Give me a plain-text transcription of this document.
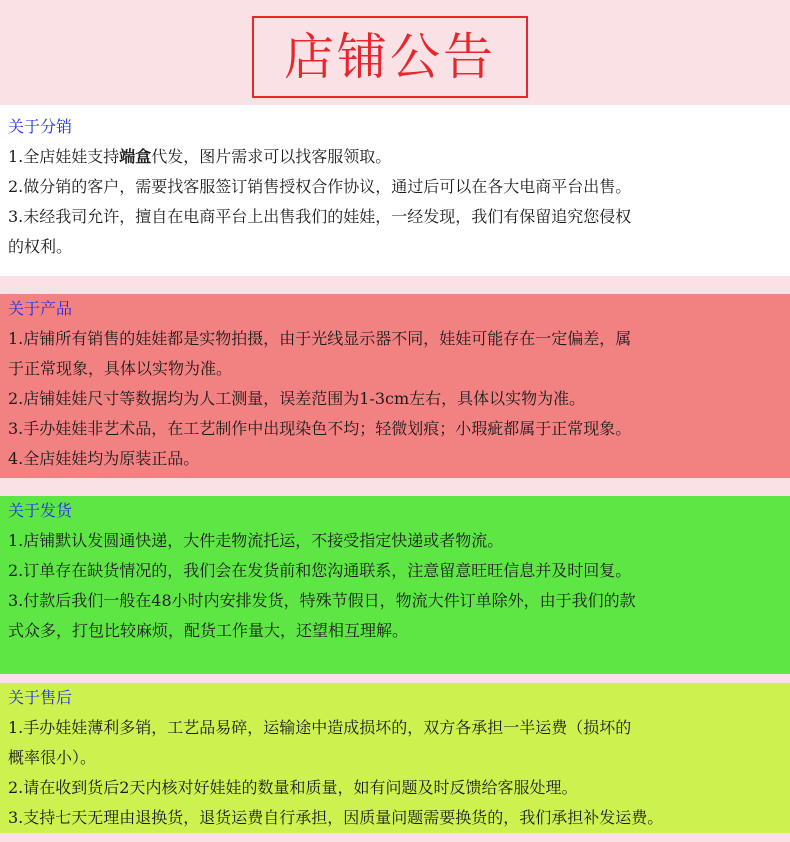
店铺公告
关于分销
1.全店娃娃支持端盒代发，图片需求可以找客服领取。
2.做分销的客户，需要找客服签订销售授权合作协议，通过后可以在各大电商平台出售。
3.未经我司允许，擅自在电商平台上出售我们的娃娃，一经发现，我们有保留追究您侵权
的权利。
关于产品
1.店铺所有销售的娃娃都是实物拍摄，由于光线显示器不同，娃娃可能存在一定偏差，属
于正常现象，具体以实物为准。
2.店铺娃娃尺寸等数据均为人工测量，误差范围为1-3cm左右，具体以实物为准。
3.手办娃娃非艺术品，在工艺制作中出现染色不均；轻微划痕；小瑕疵都属于正常现象。
4.全店娃娃均为原装正品。
关于发货
1.店铺默认发圆通快递，大件走物流托运，不接受指定快递或者物流。
2.订单存在缺货情况的，我们会在发货前和您沟通联系，注意留意旺旺信息并及时回复。
3.付款后我们一般在48小时内安排发货，特殊节假日，物流大件订单除外，由于我们的款
式众多，打包比较麻烦，配货工作量大，还望相互理解。
关于售后
1.手办娃娃薄利多销，工艺品易碎，运输途中造成损坏的，双方各承担一半运费（损坏的
概率很小）。
2.请在收到货后2天内核对好娃娃的数量和质量，如有问题及时反馈给客服处理。
3.支持七天无理由退换货，退货运费自行承担，因质量问题需要换货的，我们承担补发运费。
